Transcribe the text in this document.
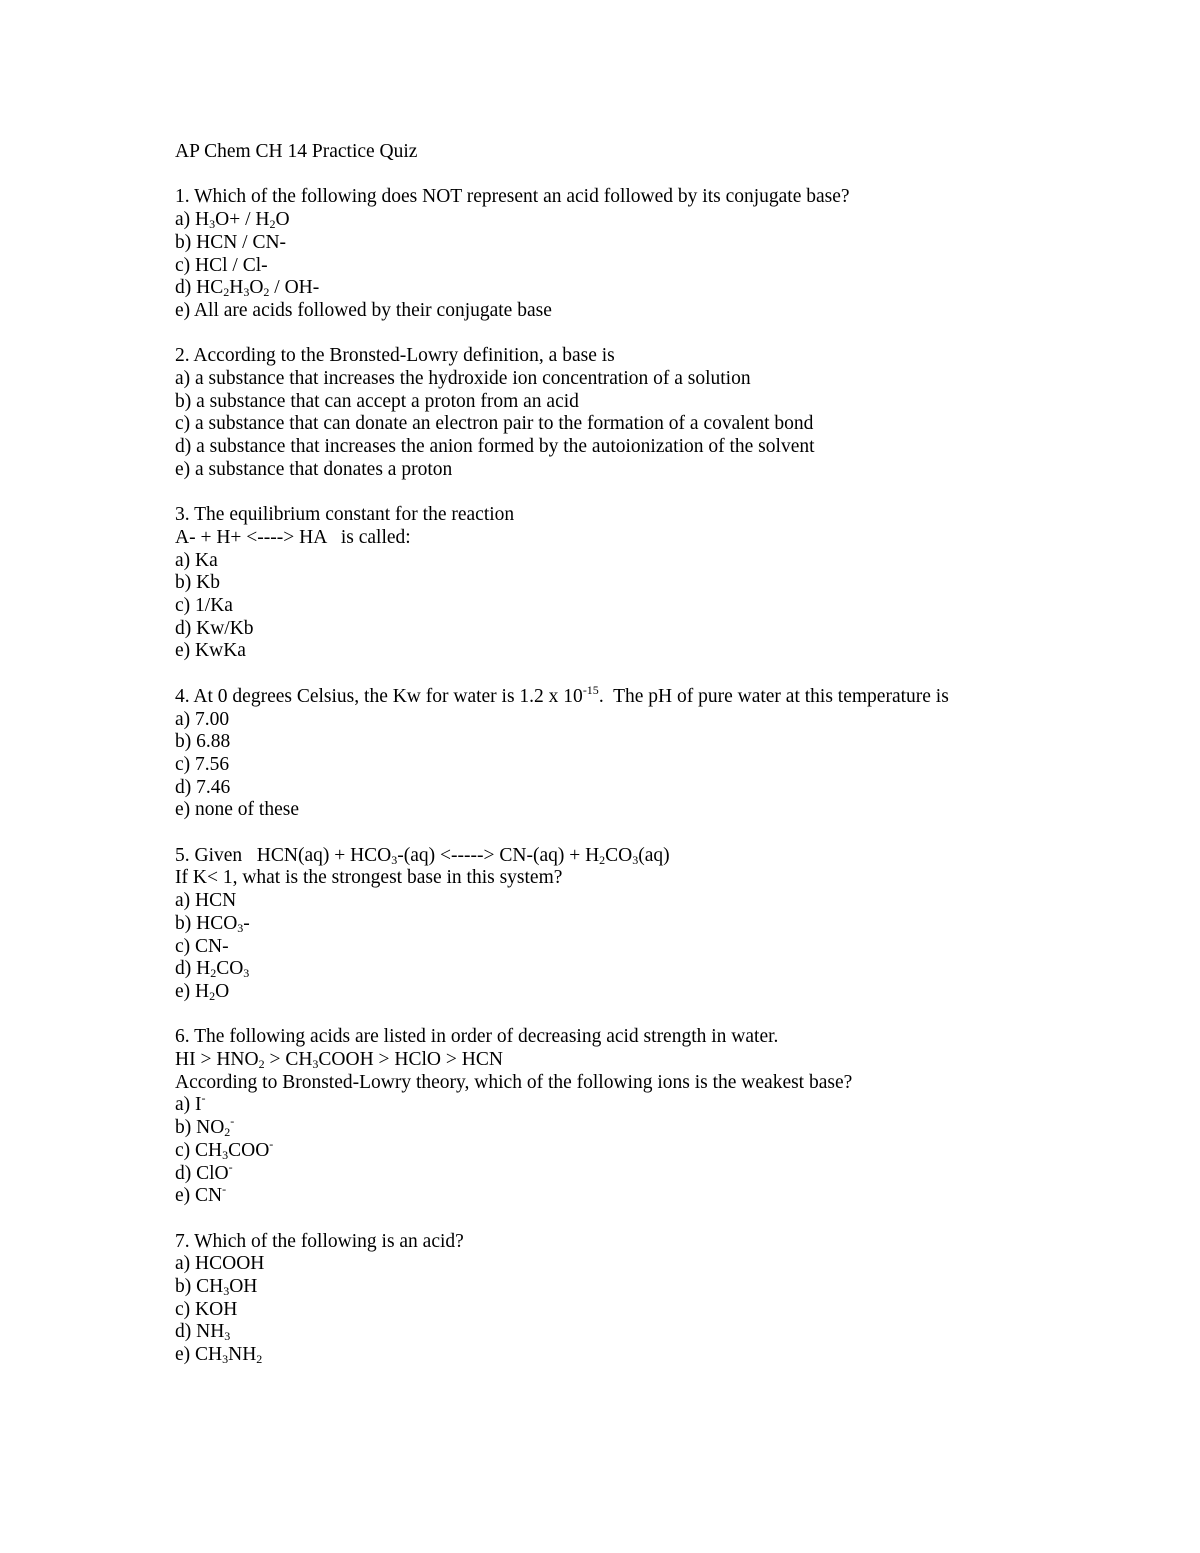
AP Chem CH 14 Practice Quiz
1. Which of the following does NOT represent an acid followed by its conjugate base?
a) $H_3O+ / H_2O$
b) HCN / CN-
c) HCl / Cl-
d) $HC_2H_3O_2 / OH-$
e) All are acids followed by their conjugate base
2. According to the Bronsted-Lowry definition, a base is
a) a substance that increases the hydroxide ion concentration of a solution
b) a substance that can accept a proton from an acid
c) a substance that can donate an electron pair to the formation of a covalent bond
d) a substance that increases the anion formed by the autoionization of the solvent
e) a substance that donates a proton
3. The equilibrium constant for the reaction
A- + H+ <----> HA   is called:
a) Ka
b) Kb
c) 1/Ka
d) Kw/Kb
e) KwKa
4. At 0 degrees Celsius, the Kw for water is 1.2 x $10^{-15}$.  The pH of pure water at this temperature is
a) 7.00
b) 6.88
c) 7.56
d) 7.46
e) none of these
5. Given   $HCN(aq) + HCO_3-(aq)$ <-----> $CN-(aq) + H_2CO_3(aq)$
If K< 1, what is the strongest base in this system?
a) HCN
b) $HCO_3-$
c) CN-
d) $H_2CO_3$
e) $H_2O$
6. The following acids are listed in order of decreasing acid strength in water.
HI > $HNO_2$ > $CH_3COOH$ > HClO > HCN
According to Bronsted-Lowry theory, which of the following ions is the weakest base?
a) I-
b) $NO_2^-$
c) $CH_3COO^-$
d) ClO-
e) CN-
7. Which of the following is an acid?
a) HCOOH
b) $CH_3OH$
c) KOH
d) $NH_3$
e) $CH_3NH_2$
